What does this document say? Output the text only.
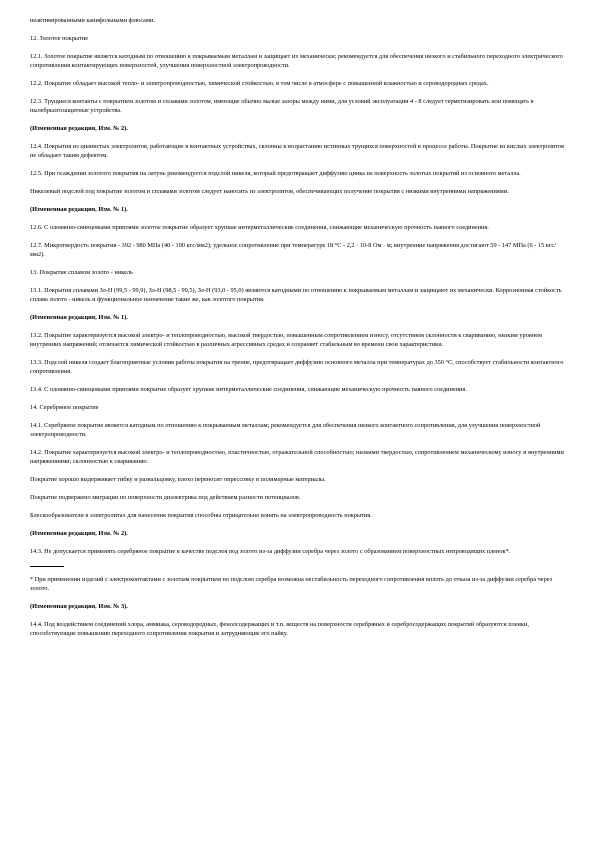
неактивированными канифольными флюсами.

12. Золотое покрытие

12.1. Золотое покрытие является катодным по отношению к покрываемым металлам и защищает их механически; рекомендуется для обеспечения низкого и стабильного переходного электрического сопротивления контактирующих поверхностей, улучшения поверхностной электропроводности.

12.2. Покрытие обладает высокой тепло- и электропроводностью, химической стойкостью, в том числе в атмосфере с повышенной влажностью и сероводородных средах.

12.3. Трущиеся контакты с покрытием золотом и сплавами золотом, имеющие обычно малые зазоры между ними, для условий эксплуатации 4 - 8 следует герметизировать или помещать в пылебрызгозащитные устройства.

(Измененная редакция, Изм. № 2).

12.4. Покрытия из цианистых электролитов, работающие в контактных устройствах, склонны к возрастанию истинных трущихся поверхностей в процессе работы. Покрытие из кислых электролитов не обладает таким дефектом.

12.5. При осаждении золотого покрытия на латунь рекомендуется подслой никеля, который предотвращает диффузию цинка на поверхность золотых покрытий из основного металла.

Никелевый подслой под покрытие золотом и сплавами золотом следует наносить из электролитов, обеспечивающих получение покрытия с низкими внутренними напряжениями.

(Измененная редакция, Изм. № 1).

12.6. С оловянно-свинцовыми припоями золотое покрытие образует хрупкие интерметаллические соединения, снижающие механическую прочность паяного соединения.

12.7. Микротвердость покрытия - 392 - 980 МПа (40 - 100 кгс/мм2); удельное сопротивление при температуре 18 °С - 2,2 · 10-8 Ом · м; внутренние напряжения достигают 59 - 147 МПа (6 - 15 кгс/мм2).

13. Покрытие сплавом золото - никель

13.1. Покрытия сплавами Зл-Н (99,5 - 99,9), Зл-Н (98,5 - 99,5), Зл-Н (93,0 - 95,0) являются катодными по отношению к покрываемым металлам и защищают их механически. Коррозионная стойкость сплава золото - никель и функциональное назначение такие же, как золотого покрытия.

(Измененная редакция, Изм. № 1).

13.2. Покрытие характеризуется высокой электро- и теплопроводностью, высокой твердостью, повышенным сопротивлением износу, отсутствием склонности к свариванию, низким уровнем внутренних напряжений; отличается химической стойкостью в различных агрессивных средах и сохраняет стабильным во времени свои характеристики.

13.3. Подслой никеля создает благоприятные условия работы покрытия на трение, предотвращает диффузию основного металла при температурах до 350 °С, способствует стабильности контактного сопротивления.

13.4. С оловянно-свинцовыми припоями покрытие образует хрупкие интерметаллические соединения, снижающие механическую прочность паяного соединения.

14. Серебряное покрытие

14.1. Серебряное покрытие является катодным по отношению к покрываемым металлам; рекомендуется для обеспечения низкого контактного сопротивления, для улучшения поверхностной электропроводности.

14.2. Покрытие характеризуется высокой электро- и теплопроводностью, пластичностью, отражательной способностью; низкими твердостью, сопротивлением механическому износу и внутренними напряжениями; склонностью к свариванию.

Покрытие хорошо выдерживает гибку и развальцовку, плохо переносит опрессовку в полимерные материалы.

Покрытие подвержено миграции по поверхности диэлектрика под действием разности потенциалов.

Блескообразователи в электролитах для нанесения покрытия способны отрицательно влиять на электропроводность покрытия.

(Измененная редакция, Изм. № 2).

14.3. Не допускается применять серебряное покрытие в качестве подслоя под золото из-за диффузии серебра через золото с образованием поверхностных непроводящих пленок*.

* При применении изделий с электроконтактами с золотым покрытием по подслою серебра возможна нестабильность переходного сопротивления вплоть до отказа из-за диффузии серебра через золото.

(Измененная редакция, Изм. № 3).

14.4. Под воздействием соединений хлора, аммиака, сероводородных, фенолсодержащих и т.п. веществ на поверхности серебряных и серебросодержащих покрытий образуются пленки, способствующие повышению переходного сопротивления покрытия и затрудняющие его пайку.
